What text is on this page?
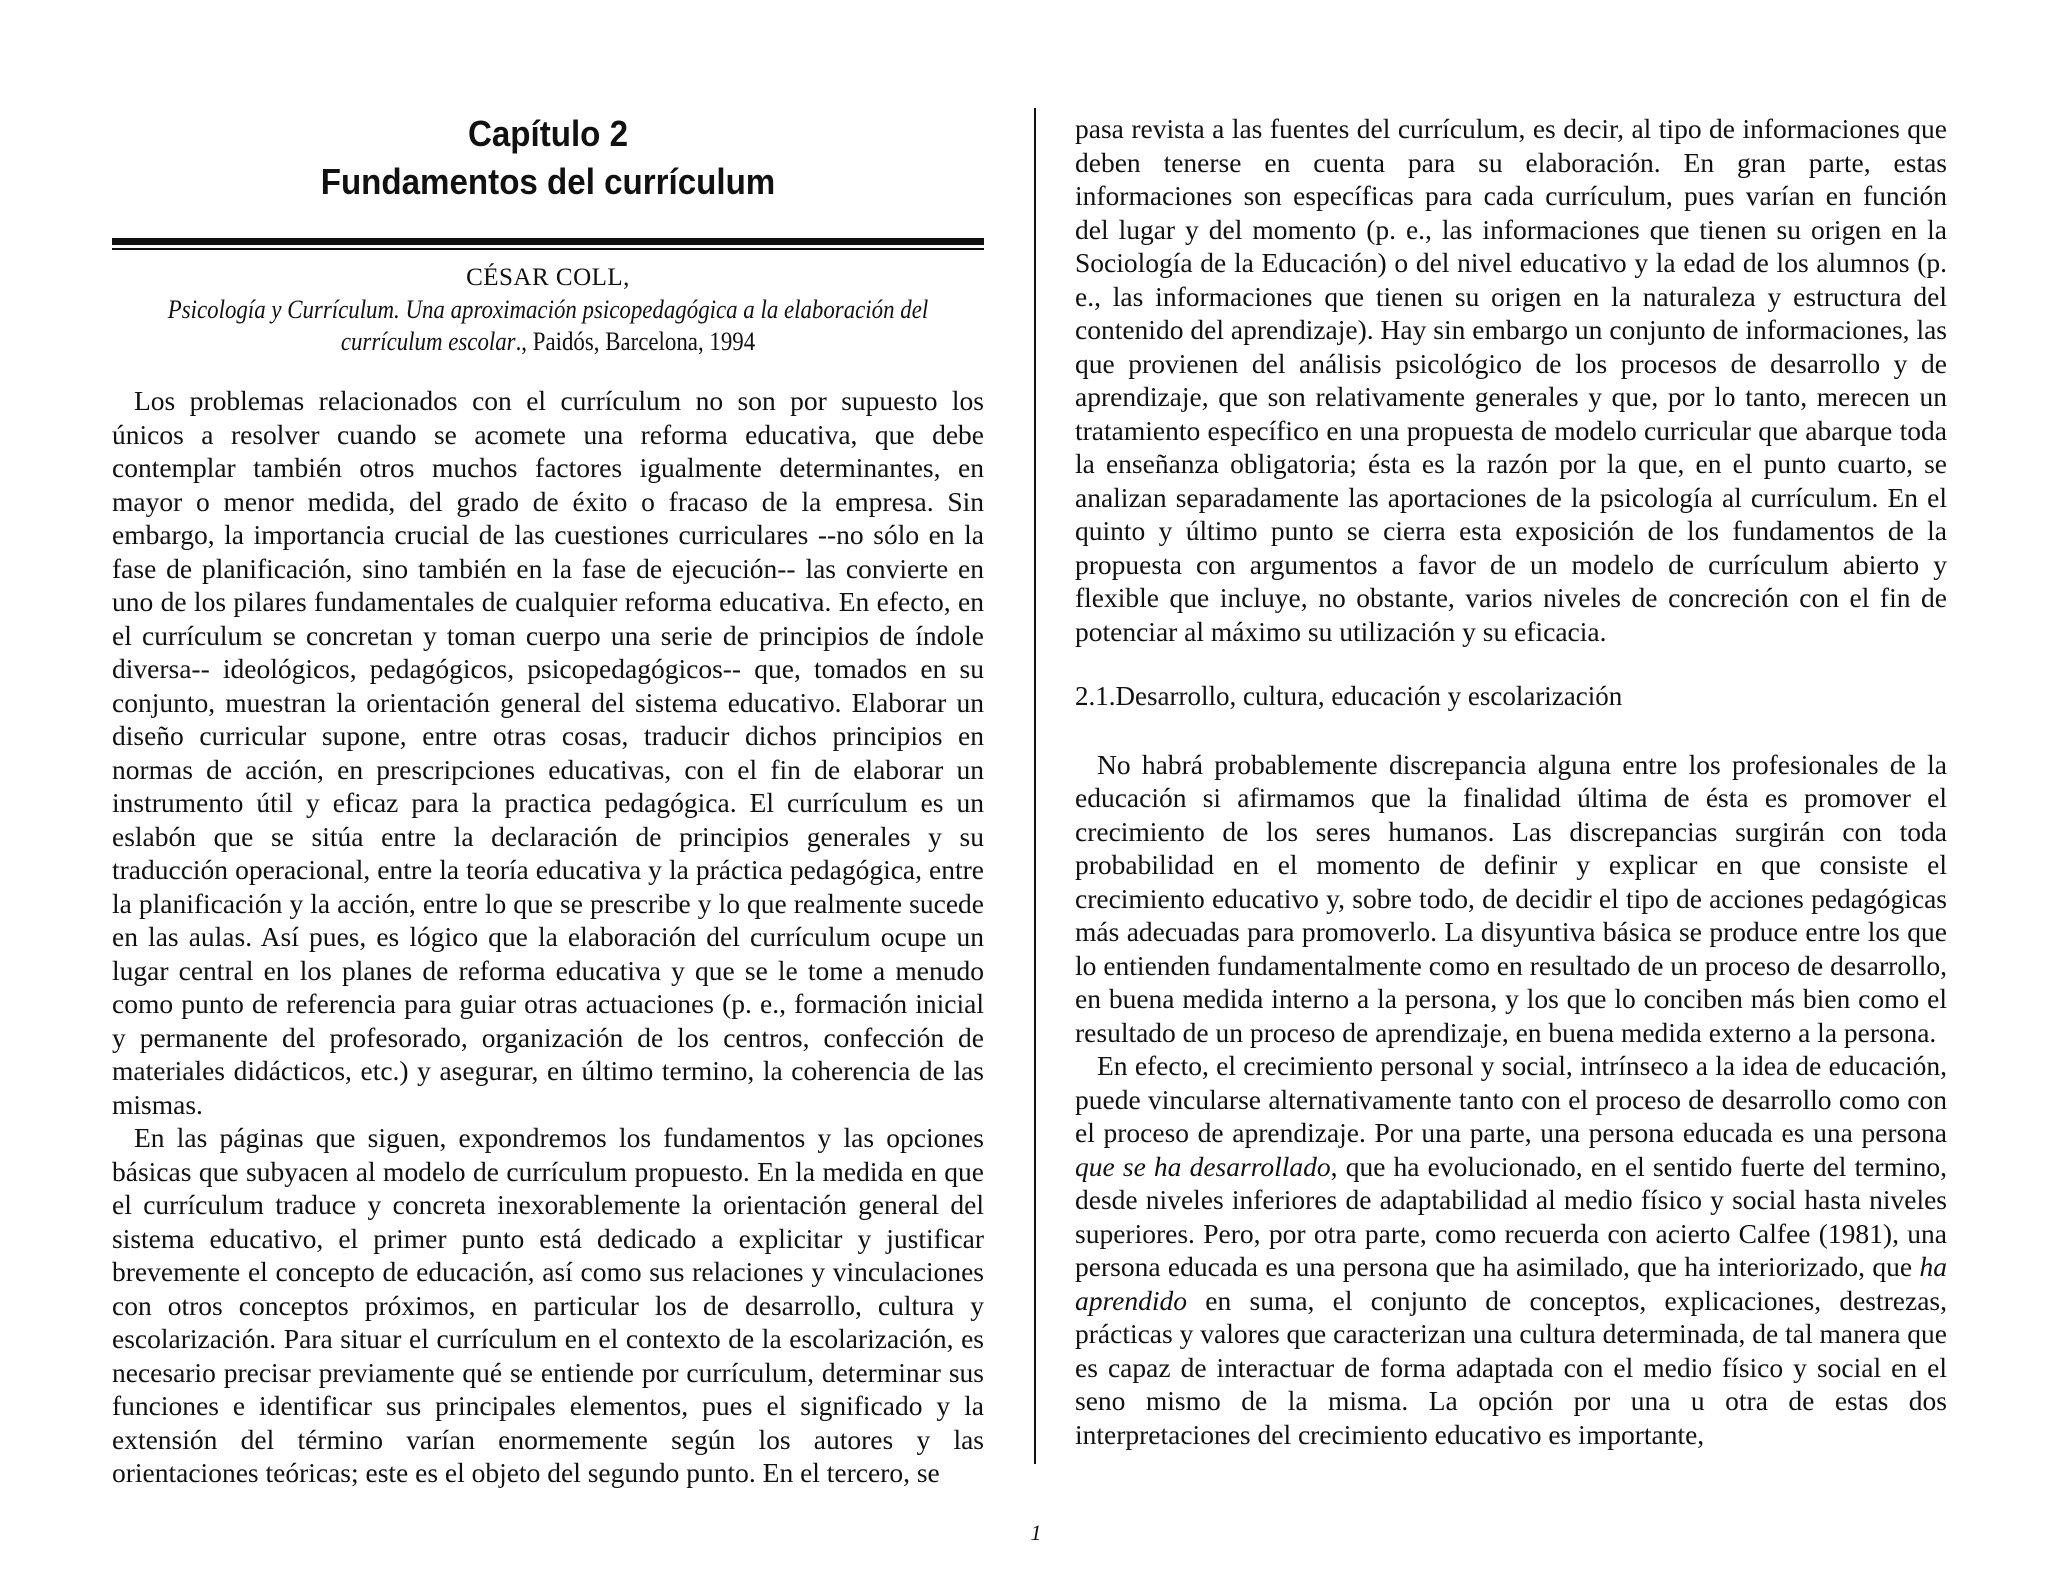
Capítulo 2
Fundamentos del currículum
CÉSAR COLL,
Psicología y Currículum. Una aproximación psicopedagógica a la elaboración del currículum escolar., Paidós, Barcelona, 1994

Los problemas relacionados con el currículum no son por supuesto los únicos a resolver cuando se acomete una reforma educativa, que debe contemplar también otros muchos factores igualmente determinantes, en mayor o menor medida, del grado de éxito o fracaso de la empresa. Sin embargo, la importancia crucial de las cuestiones curriculares --no sólo en la fase de planificación, sino también en la fase de ejecución-- las convierte en uno de los pilares fundamentales de cualquier reforma educativa. En efecto, en el currículum se concretan y toman cuerpo una serie de principios de índole diversa-- ideológicos, pedagógicos, psicopedagógicos-- que, tomados en su conjunto, muestran la orientación general del sistema educativo. Elaborar un diseño curricular supone, entre otras cosas, traducir dichos principios en normas de acción, en prescripciones educativas, con el fin de elaborar un instrumento útil y eficaz para la practica pedagógica. El currículum es un eslabón que se sitúa entre la declaración de principios generales y su traducción operacional, entre la teoría educativa y la práctica pedagógica, entre la planificación y la acción, entre lo que se prescribe y lo que realmente sucede en las aulas. Así pues, es lógico que la elaboración del currículum ocupe un lugar central en los planes de reforma educativa y que se le tome a menudo como punto de referencia para guiar otras actuaciones (p. e., formación inicial y permanente del profesorado, organización de los centros, confección de materiales didácticos, etc.) y asegurar, en último termino, la coherencia de las mismas.

En las páginas que siguen, expondremos los fundamentos y las opciones básicas que subyacen al modelo de currículum propuesto. En la medida en que el currículum traduce y concreta inexorablemente la orientación general del sistema educativo, el primer punto está dedicado a explicitar y justificar brevemente el concepto de educación, así como sus relaciones y vinculaciones con otros conceptos próximos, en particular los de desarrollo, cultura y escolarización. Para situar el currículum en el contexto de la escolarización, es necesario precisar previamente qué se entiende por currículum, determinar sus funciones e identificar sus principales elementos, pues el significado y la extensión del término varían enormemente según los autores y las orientaciones teóricas; este es el objeto del segundo punto. En el tercero, se

pasa revista a las fuentes del currículum, es decir, al tipo de informaciones que deben tenerse en cuenta para su elaboración. En gran parte, estas informaciones son específicas para cada currículum, pues varían en función del lugar y del momento (p. e., las informaciones que tienen su origen en la Sociología de la Educación) o del nivel educativo y la edad de los alumnos (p. e., las informaciones que tienen su origen en la naturaleza y estructura del contenido del aprendizaje). Hay sin embargo un conjunto de informaciones, las que provienen del análisis psicológico de los procesos de desarrollo y de aprendizaje, que son relativamente generales y que, por lo tanto, merecen un tratamiento específico en una propuesta de modelo curricular que abarque toda la enseñanza obligatoria; ésta es la razón por la que, en el punto cuarto, se analizan separadamente las aportaciones de la psicología al currículum. En el quinto y último punto se cierra esta exposición de los fundamentos de la propuesta con argumentos a favor de un modelo de currículum abierto y flexible que incluye, no obstante, varios niveles de concreción con el fin de potenciar al máximo su utilización y su eficacia.

2.1.Desarrollo, cultura, educación y escolarización

No habrá probablemente discrepancia alguna entre los profesionales de la educación si afirmamos que la finalidad última de ésta es promover el crecimiento de los seres humanos. Las discrepancias surgirán con toda probabilidad en el momento de definir y explicar en que consiste el crecimiento educativo y, sobre todo, de decidir el tipo de acciones pedagógicas más adecuadas para promoverlo. La disyuntiva básica se produce entre los que lo entienden fundamentalmente como en resultado de un proceso de desarrollo, en buena medida interno a la persona, y los que lo conciben más bien como el resultado de un proceso de aprendizaje, en buena medida externo a la persona.

En efecto, el crecimiento personal y social, intrínseco a la idea de educación, puede vincularse alternativamente tanto con el proceso de desarrollo como con el proceso de aprendizaje. Por una parte, una persona educada es una persona que se ha desarrollado, que ha evolucionado, en el sentido fuerte del termino, desde niveles inferiores de adaptabilidad al medio físico y social hasta niveles superiores. Pero, por otra parte, como recuerda con acierto Calfee (1981), una persona educada es una persona que ha asimilado, que ha interiorizado, que ha aprendido en suma, el conjunto de conceptos, explicaciones, destrezas, prácticas y valores que caracterizan una cultura determinada, de tal manera que es capaz de interactuar de forma adaptada con el medio físico y social en el seno mismo de la misma. La opción por una u otra de estas dos interpretaciones del crecimiento educativo es importante,

1
